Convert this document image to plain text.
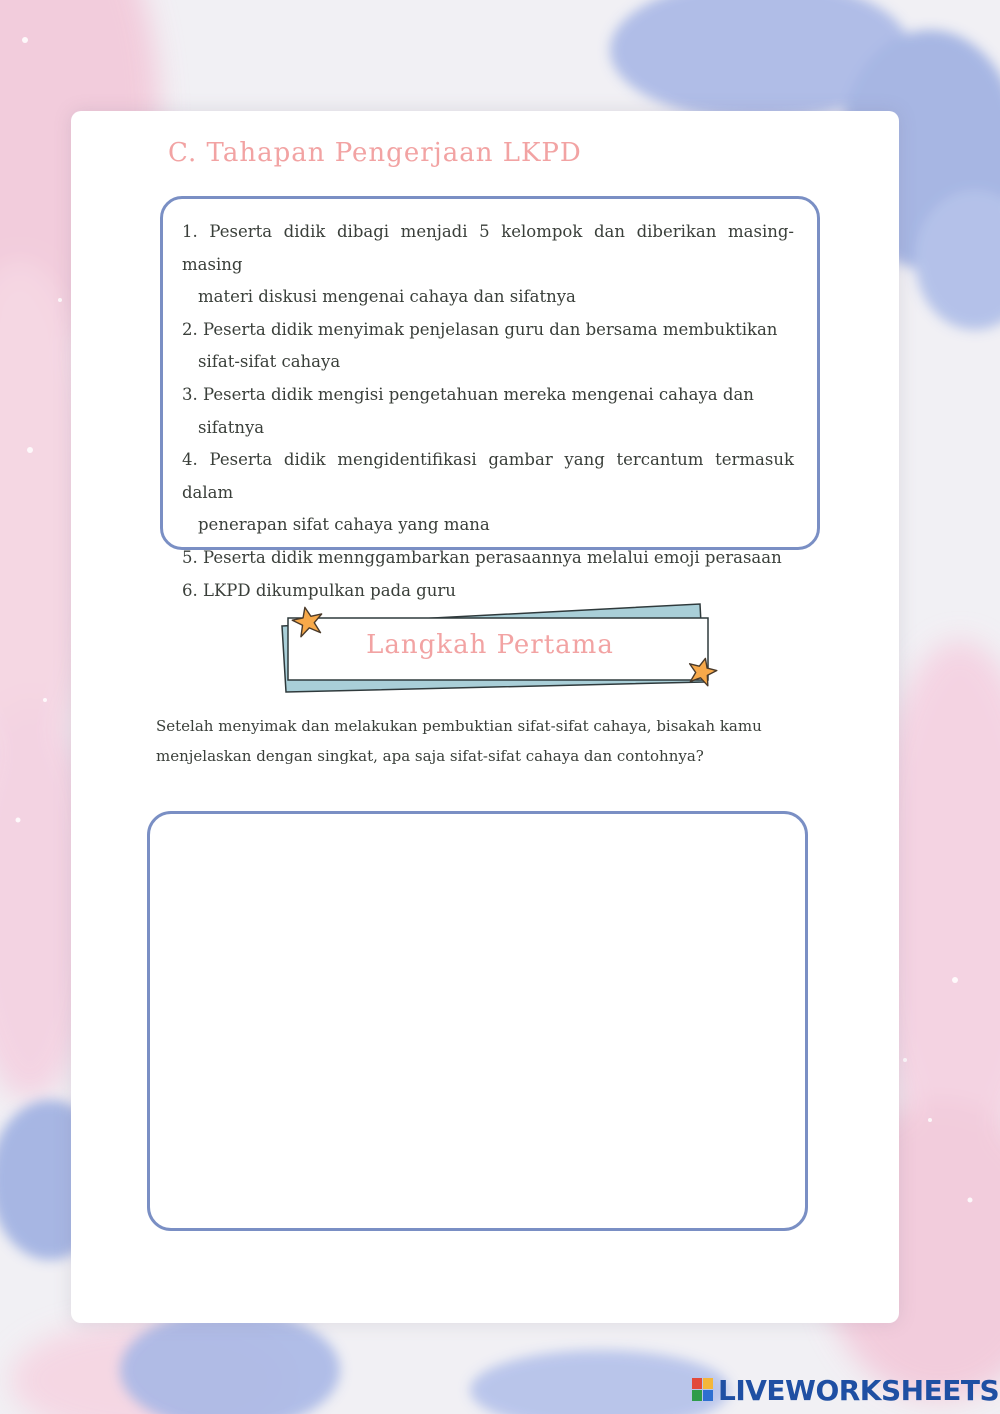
C. Tahapan Pengerjaan LKPD
1. Peserta didik dibagi menjadi 5 kelompok dan diberikan masing-masing
materi diskusi mengenai cahaya dan sifatnya
2. Peserta didik menyimak penjelasan guru dan bersama membuktikan
sifat-sifat cahaya
3. Peserta didik mengisi pengetahuan mereka mengenai cahaya dan
sifatnya
4. Peserta didik mengidentifikasi gambar yang tercantum termasuk dalam
penerapan sifat cahaya yang mana
5. Peserta didik mennggambarkan perasaannya melalui emoji perasaan
6. LKPD dikumpulkan pada guru
Langkah Pertama

Setelah menyimak dan melakukan pembuktian sifat-sifat cahaya, bisakah kamu
menjelaskan dengan singkat, apa saja sifat-sifat cahaya dan contohnya?

LIVEWORKSHEETS
